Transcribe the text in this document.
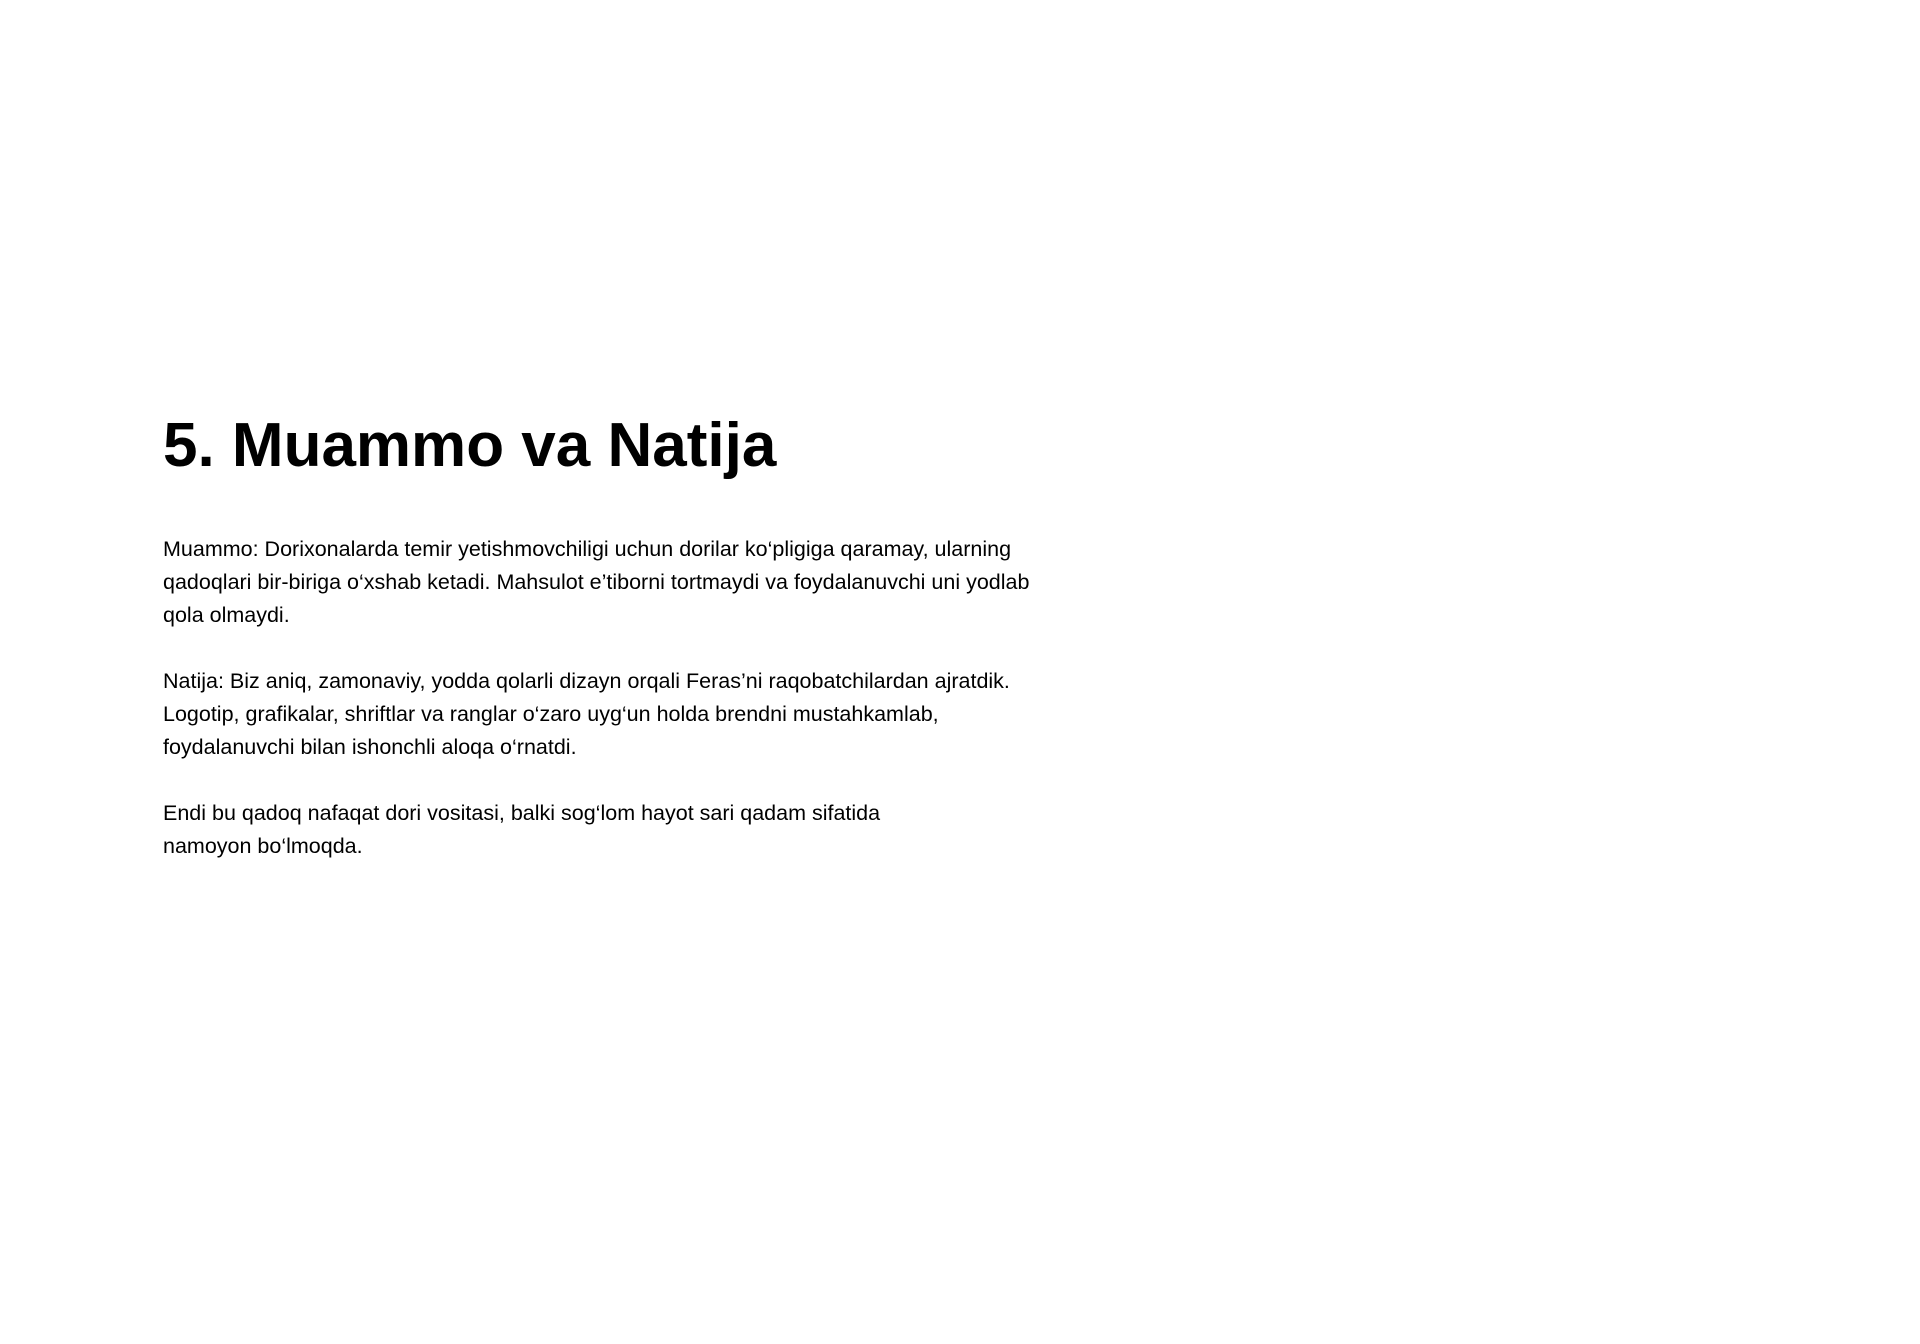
5. Muammo va Natija

Muammo: Dorixonalarda temir yetishmovchiligi uchun dorilar ko‘pligiga qaramay, ularning
qadoqlari bir-biriga o‘xshab ketadi. Mahsulot e’tiborni tortmaydi va foydalanuvchi uni yodlab
qola olmaydi.

Natija: Biz aniq, zamonaviy, yodda qolarli dizayn orqali Feras’ni raqobatchilardan ajratdik.
Logotip, grafikalar, shriftlar va ranglar o‘zaro uyg‘un holda brendni mustahkamlab,
foydalanuvchi bilan ishonchli aloqa o‘rnatdi.

Endi bu qadoq nafaqat dori vositasi, balki sog‘lom hayot sari qadam sifatida
namoyon bo‘lmoqda.
